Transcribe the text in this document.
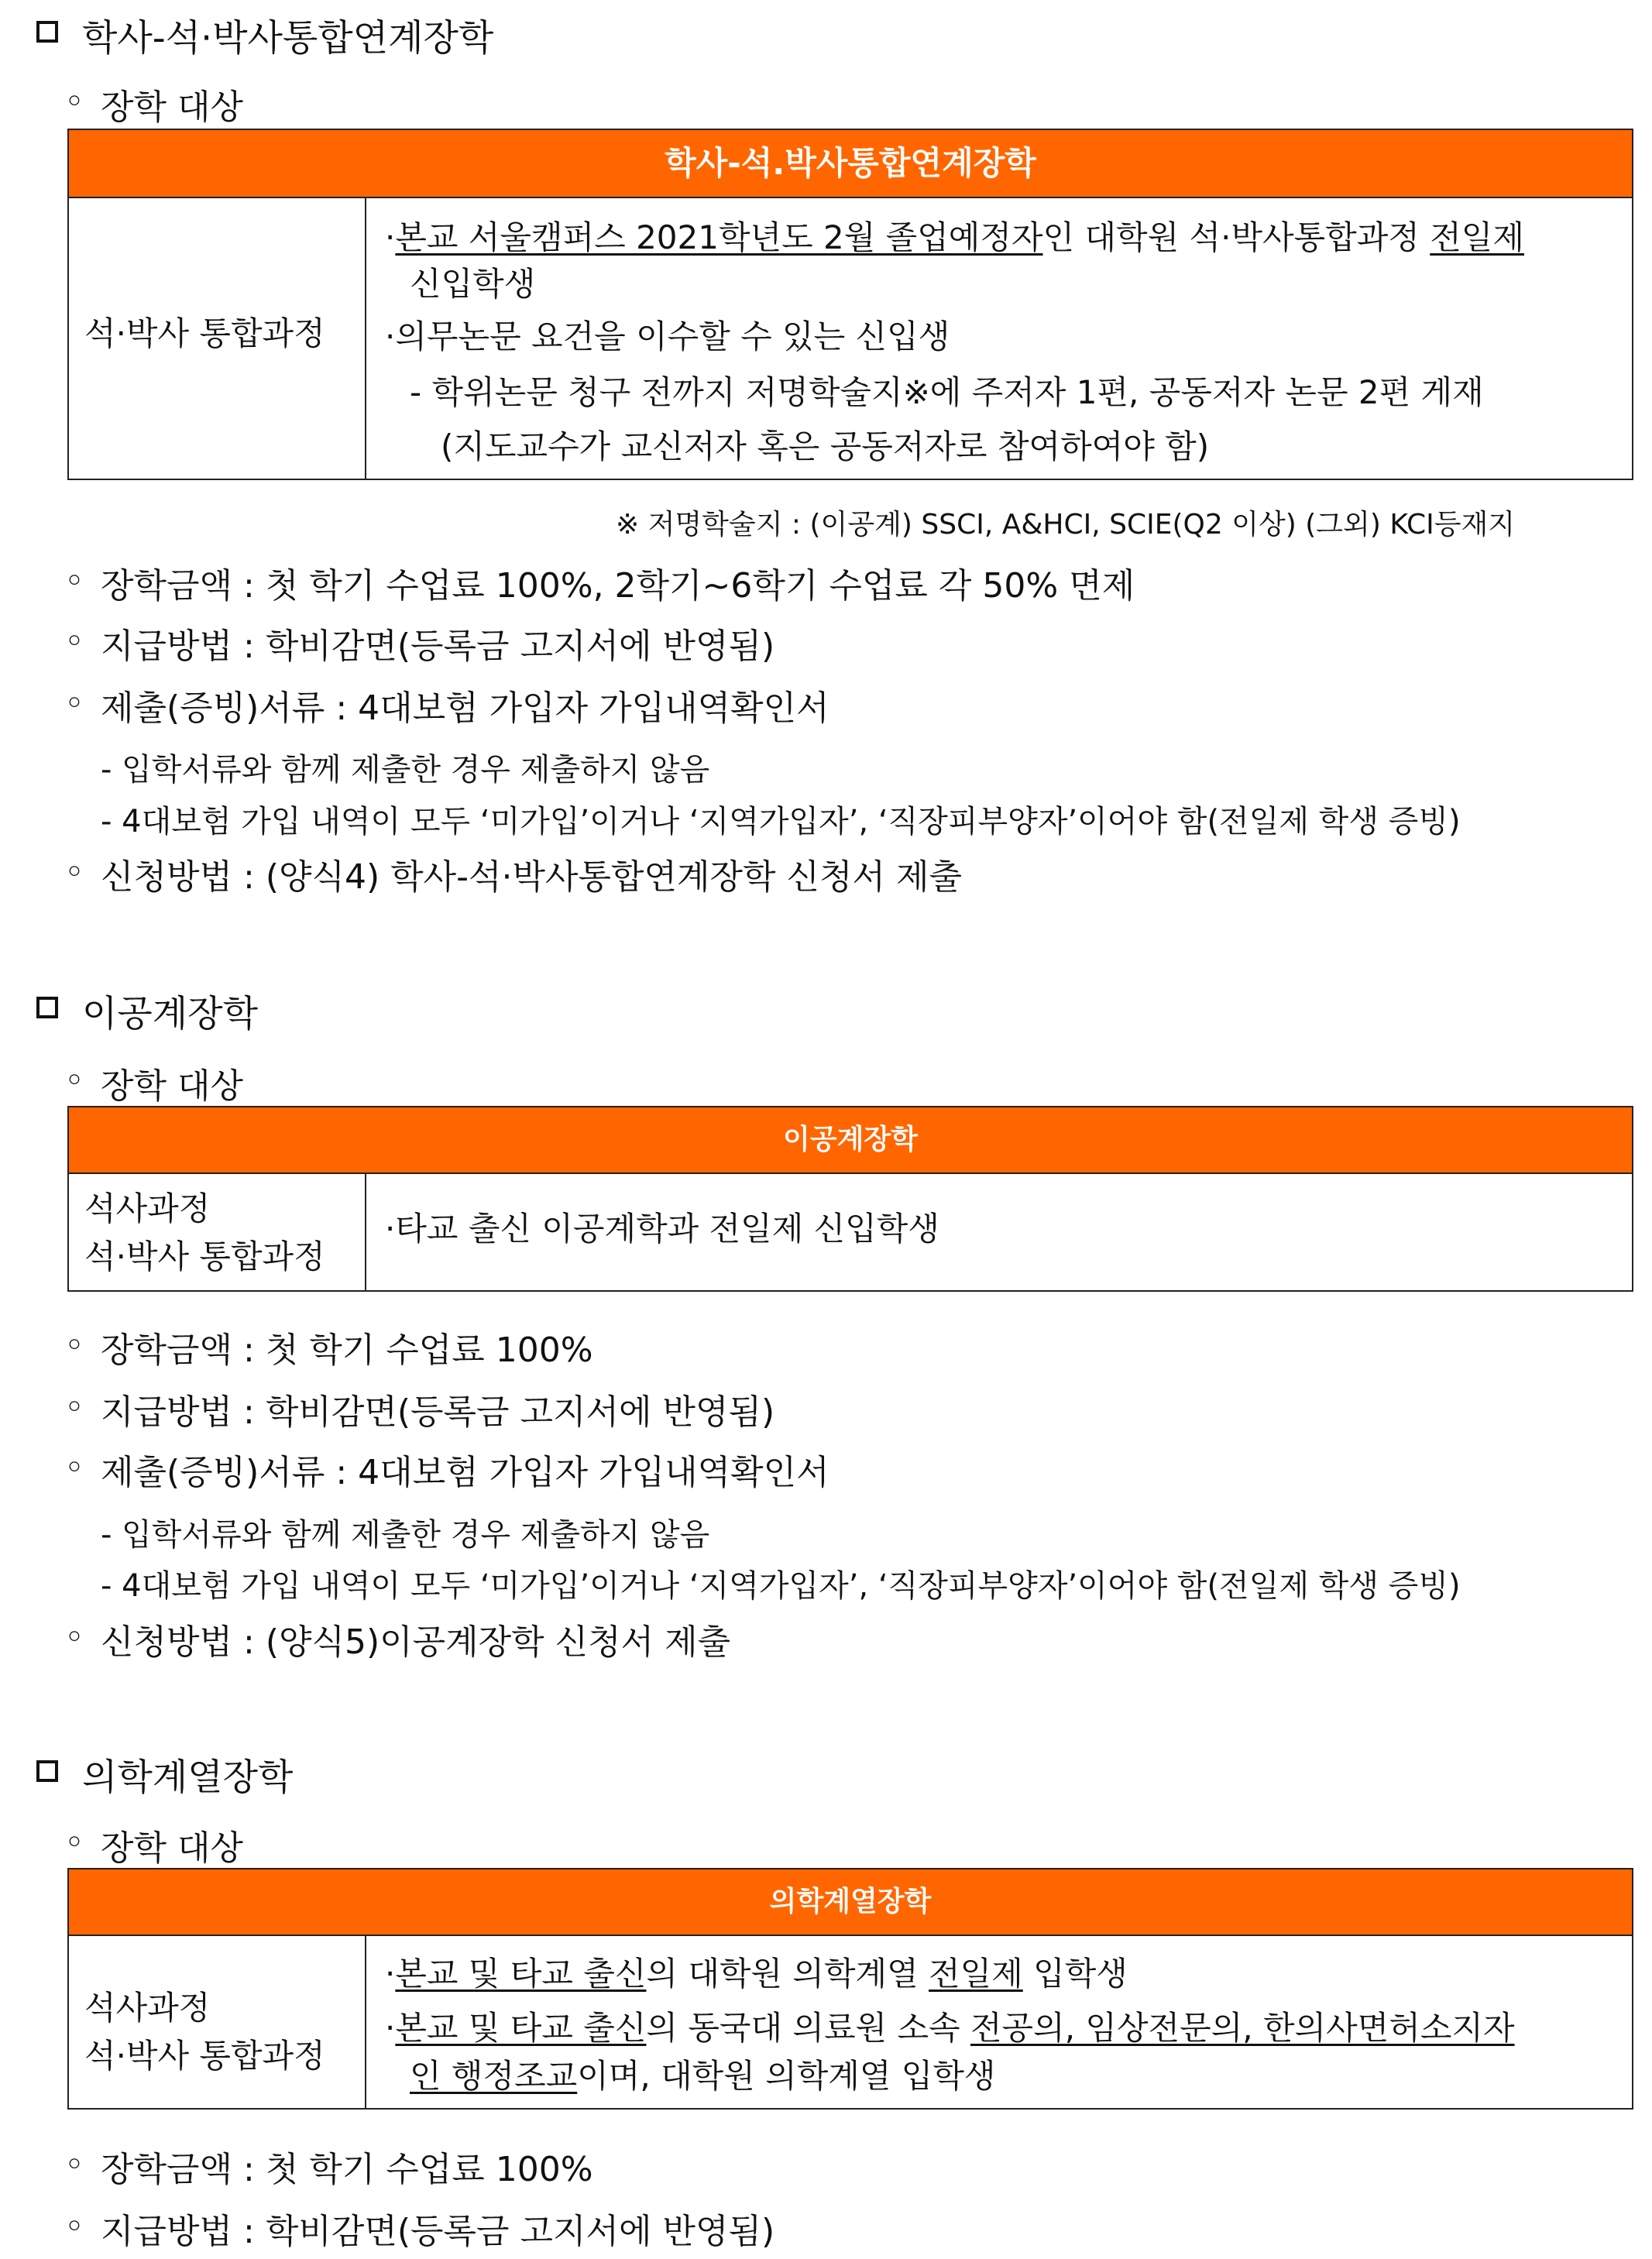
학사-석·박사통합연계장학
◦ 장학 대상
학사-석.박사통합연계장학
석·박사 통합과정
·본교 서울캠퍼스 2021학년도 2월 졸업예정자인 대학원 석·박사통합과정 전일제
신입학생
·의무논문 요건을 이수할 수 있는 신입생
- 학위논문 청구 전까지 저명학술지※에 주저자 1편, 공동저자 논문 2편 게재
(지도교수가 교신저자 혹은 공동저자로 참여하여야 함)
※ 저명학술지 : (이공계) SSCI, A&HCI, SCIE(Q2 이상) (그외) KCI등재지
◦ 장학금액 : 첫 학기 수업료 100%, 2학기~6학기 수업료 각 50% 면제
◦ 지급방법 : 학비감면(등록금 고지서에 반영됨)
◦ 제출(증빙)서류 : 4대보험 가입자 가입내역확인서
- 입학서류와 함께 제출한 경우 제출하지 않음
- 4대보험 가입 내역이 모두 ‘미가입’이거나 ‘지역가입자’, ‘직장피부양자’이어야 함(전일제 학생 증빙)
◦ 신청방법 : (양식4) 학사-석·박사통합연계장학 신청서 제출
이공계장학
◦ 장학 대상
이공계장학
석사과정
석·박사 통합과정
·타교 출신 이공계학과 전일제 신입학생
◦ 장학금액 : 첫 학기 수업료 100%
◦ 지급방법 : 학비감면(등록금 고지서에 반영됨)
◦ 제출(증빙)서류 : 4대보험 가입자 가입내역확인서
- 입학서류와 함께 제출한 경우 제출하지 않음
- 4대보험 가입 내역이 모두 ‘미가입’이거나 ‘지역가입자’, ‘직장피부양자’이어야 함(전일제 학생 증빙)
◦ 신청방법 : (양식5)이공계장학 신청서 제출
의학계열장학
◦ 장학 대상
의학계열장학
석사과정
석·박사 통합과정
·본교 및 타교 출신의 대학원 의학계열 전일제 입학생
·본교 및 타교 출신의 동국대 의료원 소속 전공의, 임상전문의, 한의사면허소지자
인 행정조교이며, 대학원 의학계열 입학생
◦ 장학금액 : 첫 학기 수업료 100%
◦ 지급방법 : 학비감면(등록금 고지서에 반영됨)
